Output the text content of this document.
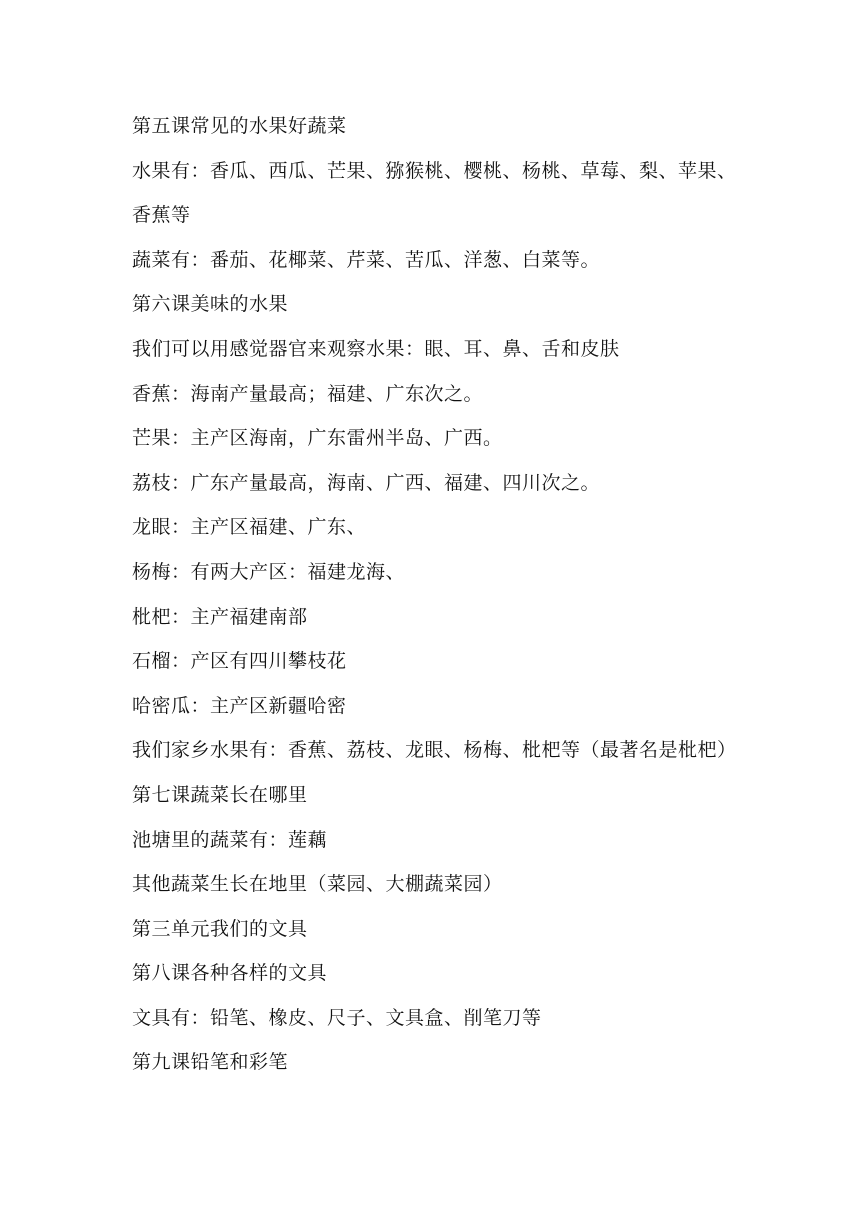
第五课常见的水果好蔬菜
水果有：香瓜、西瓜、芒果、猕猴桃、樱桃、杨桃、草莓、梨、苹果、
香蕉等
蔬菜有：番茄、花椰菜、芹菜、苦瓜、洋葱、白菜等。
第六课美味的水果
我们可以用感觉器官来观察水果：眼、耳、鼻、舌和皮肤
香蕉：海南产量最高；福建、广东次之。
芒果：主产区海南，广东雷州半岛、广西。
荔枝：广东产量最高，海南、广西、福建、四川次之。
龙眼：主产区福建、广东、
杨梅：有两大产区：福建龙海、
枇杷：主产福建南部
石榴：产区有四川攀枝花
哈密瓜：主产区新疆哈密
我们家乡水果有：香蕉、荔枝、龙眼、杨梅、枇杷等（最著名是枇杷）
第七课蔬菜长在哪里
池塘里的蔬菜有：莲藕
其他蔬菜生长在地里（菜园、大棚蔬菜园）
第三单元我们的文具
第八课各种各样的文具
文具有：铅笔、橡皮、尺子、文具盒、削笔刀等
第九课铅笔和彩笔
